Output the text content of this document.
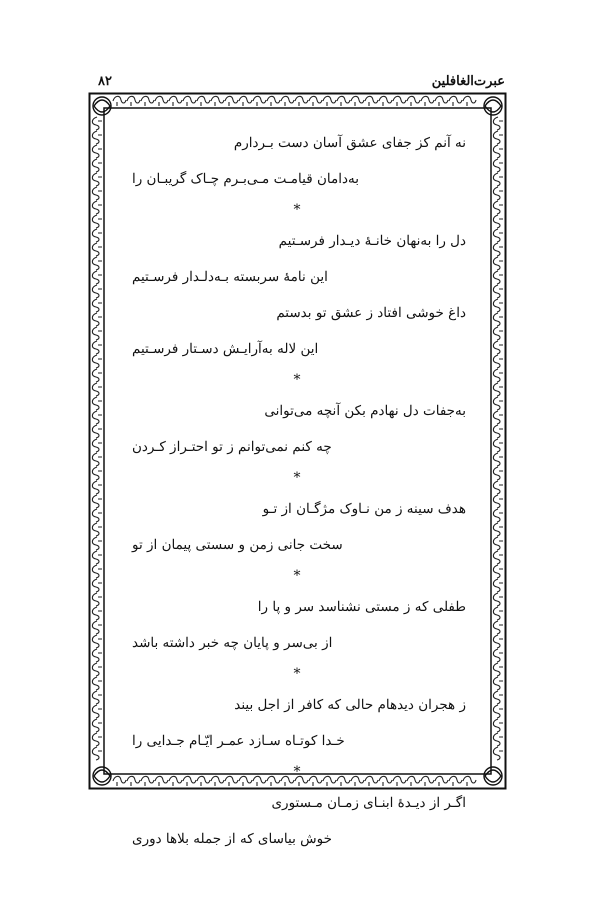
عبرت‌الغافلین
۸۲
نه آنم کز جفای عشق آسان دست بـردارم
به‌دامان قیامـت مـی‌بـرم چـاک گریبـان را
*
دل را به‌نهان خانـهٔ دیـدار فرسـتیم
این نامهٔ سربسته بـه‌دلـدار فرسـتیم
داغ خوشی افتاد ز عشق تو بدستم
این لاله به‌آرایـش دسـتار فرسـتیم
*
به‌جفات دل نهادم بکن آنچه می‌توانی
چه کنم نمی‌توانم ز تو احتـراز کـردن
*
هدف سینه ز من نـاوک مژگـان از تـو
سخت جانی زمن و سستی پیمان از تو
*
طفلی که ز مستی نشناسد سر و پا را
از بی‌سر و پایان چه خبر داشته باشد
*
ز هجران دیدهام حالی که کافر از اجل بیند
خـدا کوتـاه سـازد عمـر ایّـام جـدایی را
*
اگـر از دیـدهٔ ابنـای زمـان مـستوری
خوش بیاسای که از جمله بلاها دوری
